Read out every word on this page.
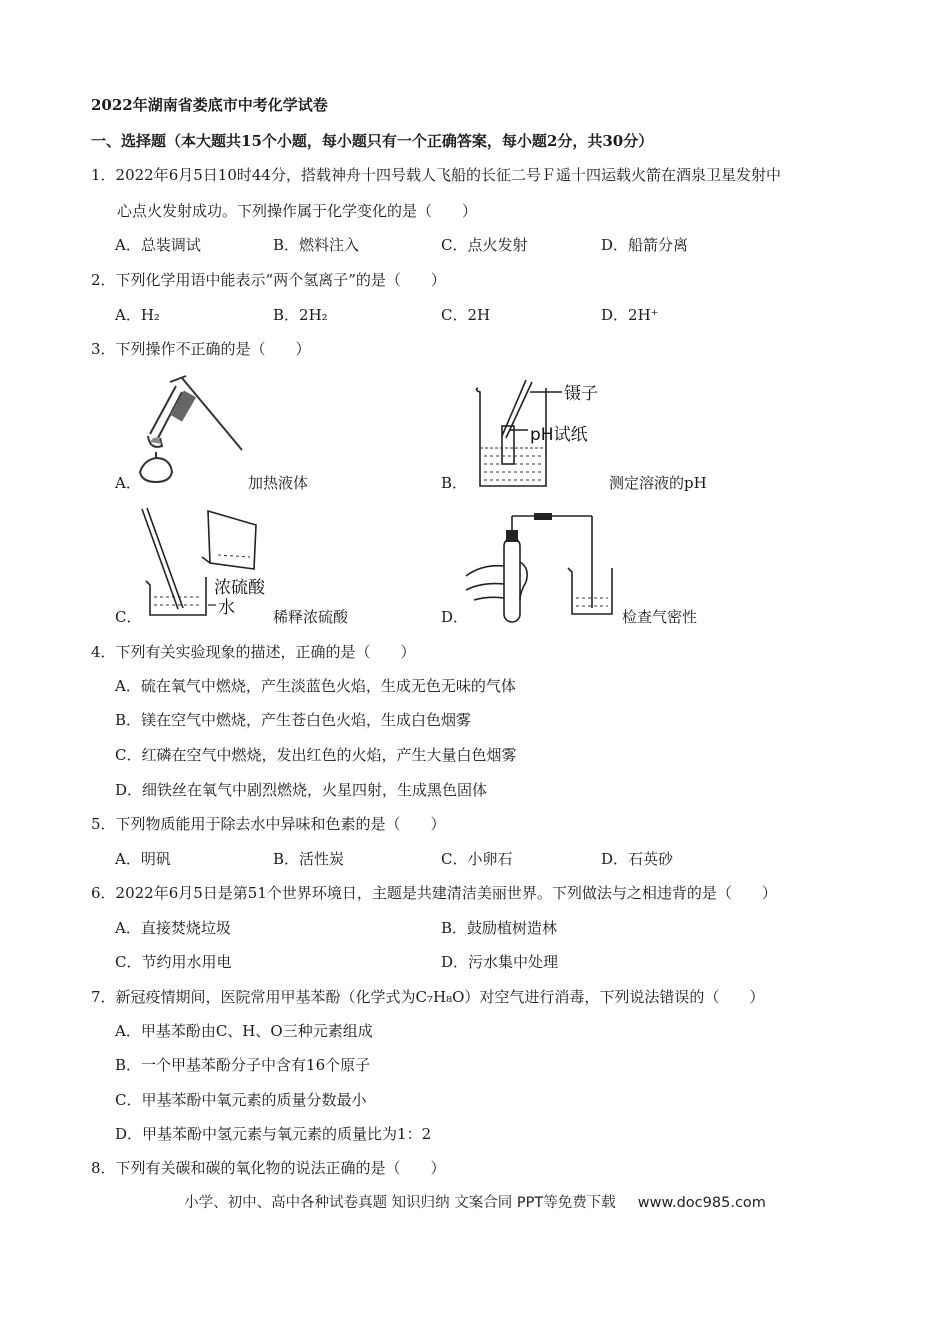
2022年湖南省娄底市中考化学试卷
一、选择题（本大题共15个小题，每小题只有一个正确答案，每小题2分，共30分）
1．2022年6月5日10时44分，搭载神舟十四号载人飞船的长征二号Ｆ遥十四运载火箭在酒泉卫星发射中
心点火发射成功。下列操作属于化学变化的是（　　）
A．总装调试	B．燃料注入	C．点火发射	D．船箭分离
2．下列化学用语中能表示“两个氢离子”的是（　　）
A．H₂	B．2H₂	C．2H	D．2H⁺
3．下列操作不正确的是（　　）
A．	加热液体
镊子
pH试纸
B．	测定溶液的pH
浓硫酸
水
C．	稀释浓硫酸	D．	检查气密性
4．下列有关实验现象的描述，正确的是（　　）
A．硫在氧气中燃烧，产生淡蓝色火焰，生成无色无味的气体
B．镁在空气中燃烧，产生苍白色火焰，生成白色烟雾
C．红磷在空气中燃烧，发出红色的火焰，产生大量白色烟雾
D．细铁丝在氧气中剧烈燃烧，火星四射，生成黑色固体
5．下列物质能用于除去水中异味和色素的是（　　）
A．明矾	B．活性炭	C．小卵石	D．石英砂
6．2022年6月5日是第51个世界环境日，主题是共建清洁美丽世界。下列做法与之相违背的是（　　）
A．直接焚烧垃圾	B．鼓励植树造林
C．节约用水用电	D．污水集中处理
7．新冠疫情期间，医院常用甲基苯酚（化学式为C₇H₈O）对空气进行消毒，下列说法错误的（　　）
A．甲基苯酚由C、H、O三种元素组成
B．一个甲基苯酚分子中含有16个原子
C．甲基苯酚中氧元素的质量分数最小
D．甲基苯酚中氢元素与氧元素的质量比为1：2
8．下列有关碳和碳的氧化物的说法正确的是（　　）
小学、初中、高中各种试卷真题 知识归纳 文案合同 PPT等免费下载 www.doc985.com
